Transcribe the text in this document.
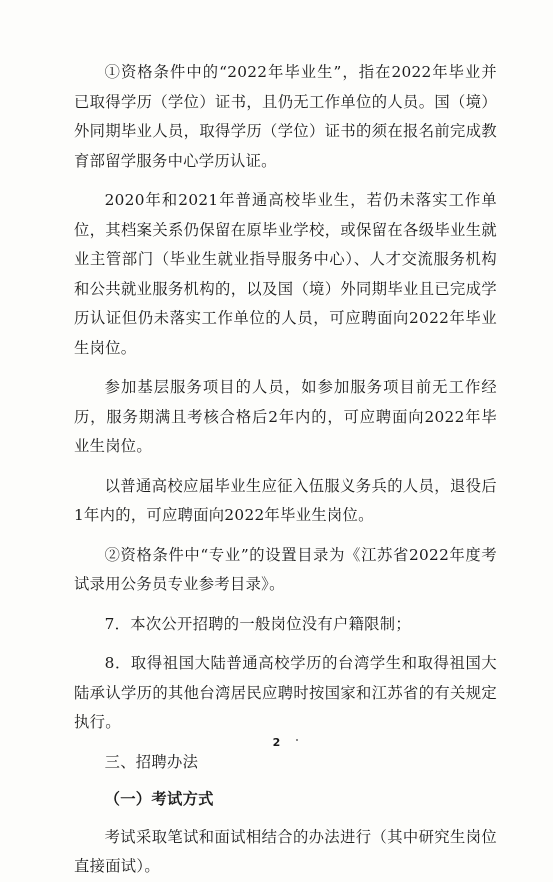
①资格条件中的“2022年毕业生”，指在2022年毕业并已取得学历（学位）证书，且仍无工作单位的人员。国（境）外同期毕业人员，取得学历（学位）证书的须在报名前完成教育部留学服务中心学历认证。

2020年和2021年普通高校毕业生，若仍未落实工作单位，其档案关系仍保留在原毕业学校，或保留在各级毕业生就业主管部门（毕业生就业指导服务中心）、人才交流服务机构和公共就业服务机构的，以及国（境）外同期毕业且已完成学历认证但仍未落实工作单位的人员，可应聘面向2022年毕业生岗位。

参加基层服务项目的人员，如参加服务项目前无工作经历，服务期满且考核合格后2年内的，可应聘面向2022年毕业生岗位。

以普通高校应届毕业生应征入伍服义务兵的人员，退役后1年内的，可应聘面向2022年毕业生岗位。

②资格条件中“专业”的设置目录为《江苏省2022年度考试录用公务员专业参考目录》。

7．本次公开招聘的一般岗位没有户籍限制；

8．取得祖国大陆普通高校学历的台湾学生和取得祖国大陆承认学历的其他台湾居民应聘时按国家和江苏省的有关规定执行。

三、招聘办法

（一）考试方式

考试采取笔试和面试相结合的办法进行（其中研究生岗位直接面试）。

2
